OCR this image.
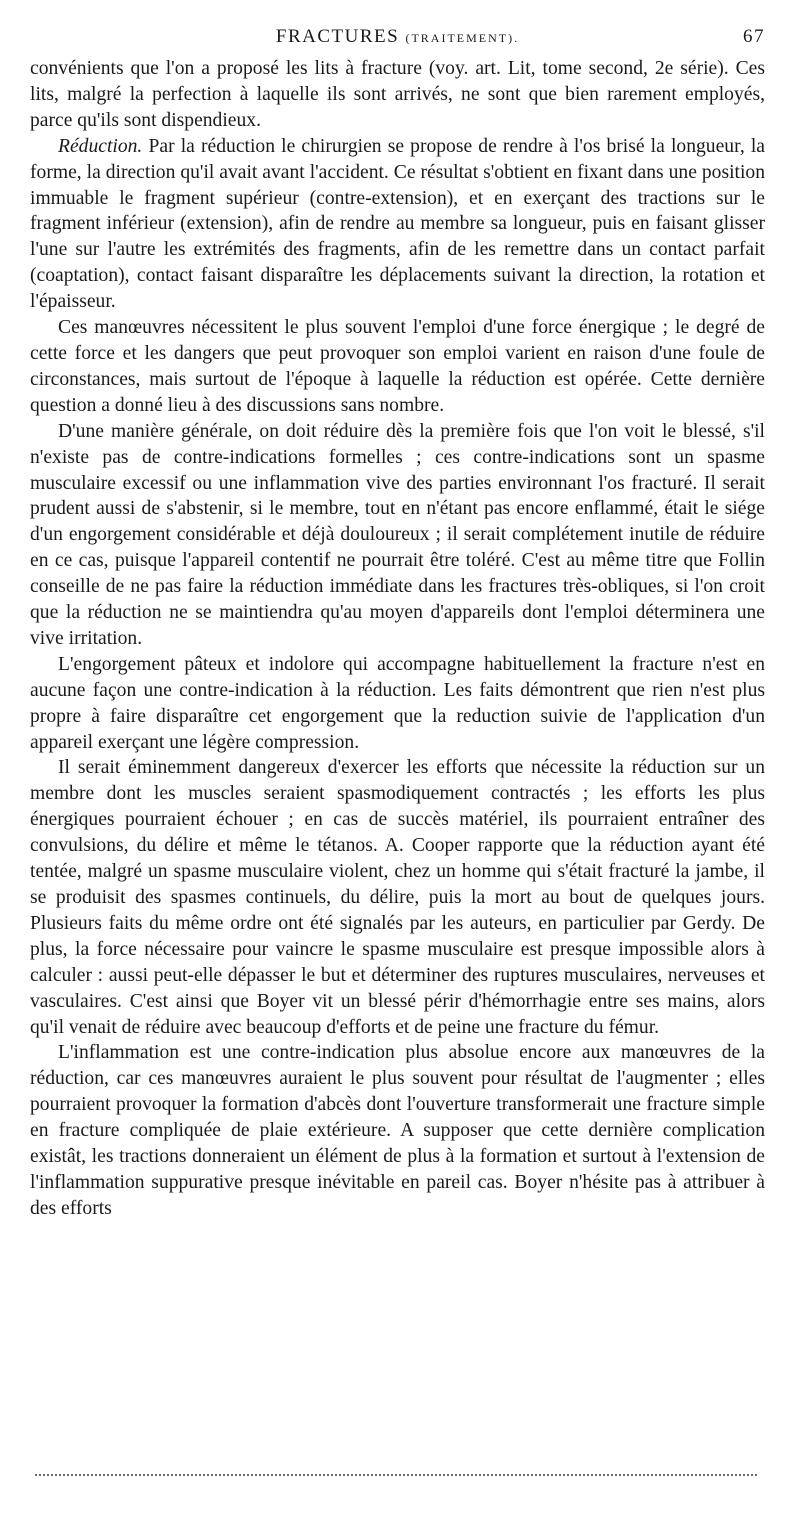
FRACTURES (TRAITEMENT).	67

convénients que l'on a proposé les lits à fracture (voy. art. Lit, tome second, 2e série). Ces lits, malgré la perfection à laquelle ils sont arrivés, ne sont que bien rarement employés, parce qu'ils sont dispendieux.

Réduction. Par la réduction le chirurgien se propose de rendre à l'os brisé la longueur, la forme, la direction qu'il avait avant l'accident. Ce résultat s'obtient en fixant dans une position immuable le fragment supérieur (contre-extension), et en exerçant des tractions sur le fragment inférieur (extension), afin de rendre au membre sa longueur, puis en faisant glisser l'une sur l'autre les extrémités des fragments, afin de les remettre dans un contact parfait (coaptation), contact faisant disparaître les déplacements suivant la direction, la rotation et l'épaisseur.

Ces manœuvres nécessitent le plus souvent l'emploi d'une force énergique ; le degré de cette force et les dangers que peut provoquer son emploi varient en raison d'une foule de circonstances, mais surtout de l'époque à laquelle la réduction est opérée. Cette dernière question a donné lieu à des discussions sans nombre.

D'une manière générale, on doit réduire dès la première fois que l'on voit le blessé, s'il n'existe pas de contre-indications formelles ; ces contre-indications sont un spasme musculaire excessif ou une inflammation vive des parties environnant l'os fracturé. Il serait prudent aussi de s'abstenir, si le membre, tout en n'étant pas encore enflammé, était le siége d'un engorgement considérable et déjà douloureux ; il serait complétement inutile de réduire en ce cas, puisque l'appareil contentif ne pourrait être toléré. C'est au même titre que Follin conseille de ne pas faire la réduction immédiate dans les fractures très-obliques, si l'on croit que la réduction ne se maintiendra qu'au moyen d'appareils dont l'emploi déterminera une vive irritation.

L'engorgement pâteux et indolore qui accompagne habituellement la fracture n'est en aucune façon une contre-indication à la réduction. Les faits démontrent que rien n'est plus propre à faire disparaître cet engorgement que la reduction suivie de l'application d'un appareil exerçant une légère compression.

Il serait éminemment dangereux d'exercer les efforts que nécessite la réduction sur un membre dont les muscles seraient spasmodiquement contractés ; les efforts les plus énergiques pourraient échouer ; en cas de succès matériel, ils pourraient entraîner des convulsions, du délire et même le tétanos. A. Cooper rapporte que la réduction ayant été tentée, malgré un spasme musculaire violent, chez un homme qui s'était fracturé la jambe, il se produisit des spasmes continuels, du délire, puis la mort au bout de quelques jours. Plusieurs faits du même ordre ont été signalés par les auteurs, en particulier par Gerdy. De plus, la force nécessaire pour vaincre le spasme musculaire est presque impossible alors à calculer : aussi peut-elle dépasser le but et déterminer des ruptures musculaires, nerveuses et vasculaires. C'est ainsi que Boyer vit un blessé périr d'hémorrhagie entre ses mains, alors qu'il venait de réduire avec beaucoup d'efforts et de peine une fracture du fémur.

L'inflammation est une contre-indication plus absolue encore aux manœuvres de la réduction, car ces manœuvres auraient le plus souvent pour résultat de l'augmenter ; elles pourraient provoquer la formation d'abcès dont l'ouverture transformerait une fracture simple en fracture compliquée de plaie extérieure. A supposer que cette dernière complication existât, les tractions donneraient un élément de plus à la formation et surtout à l'extension de l'inflammation suppurative presque inévitable en pareil cas. Boyer n'hésite pas à attribuer à des efforts
